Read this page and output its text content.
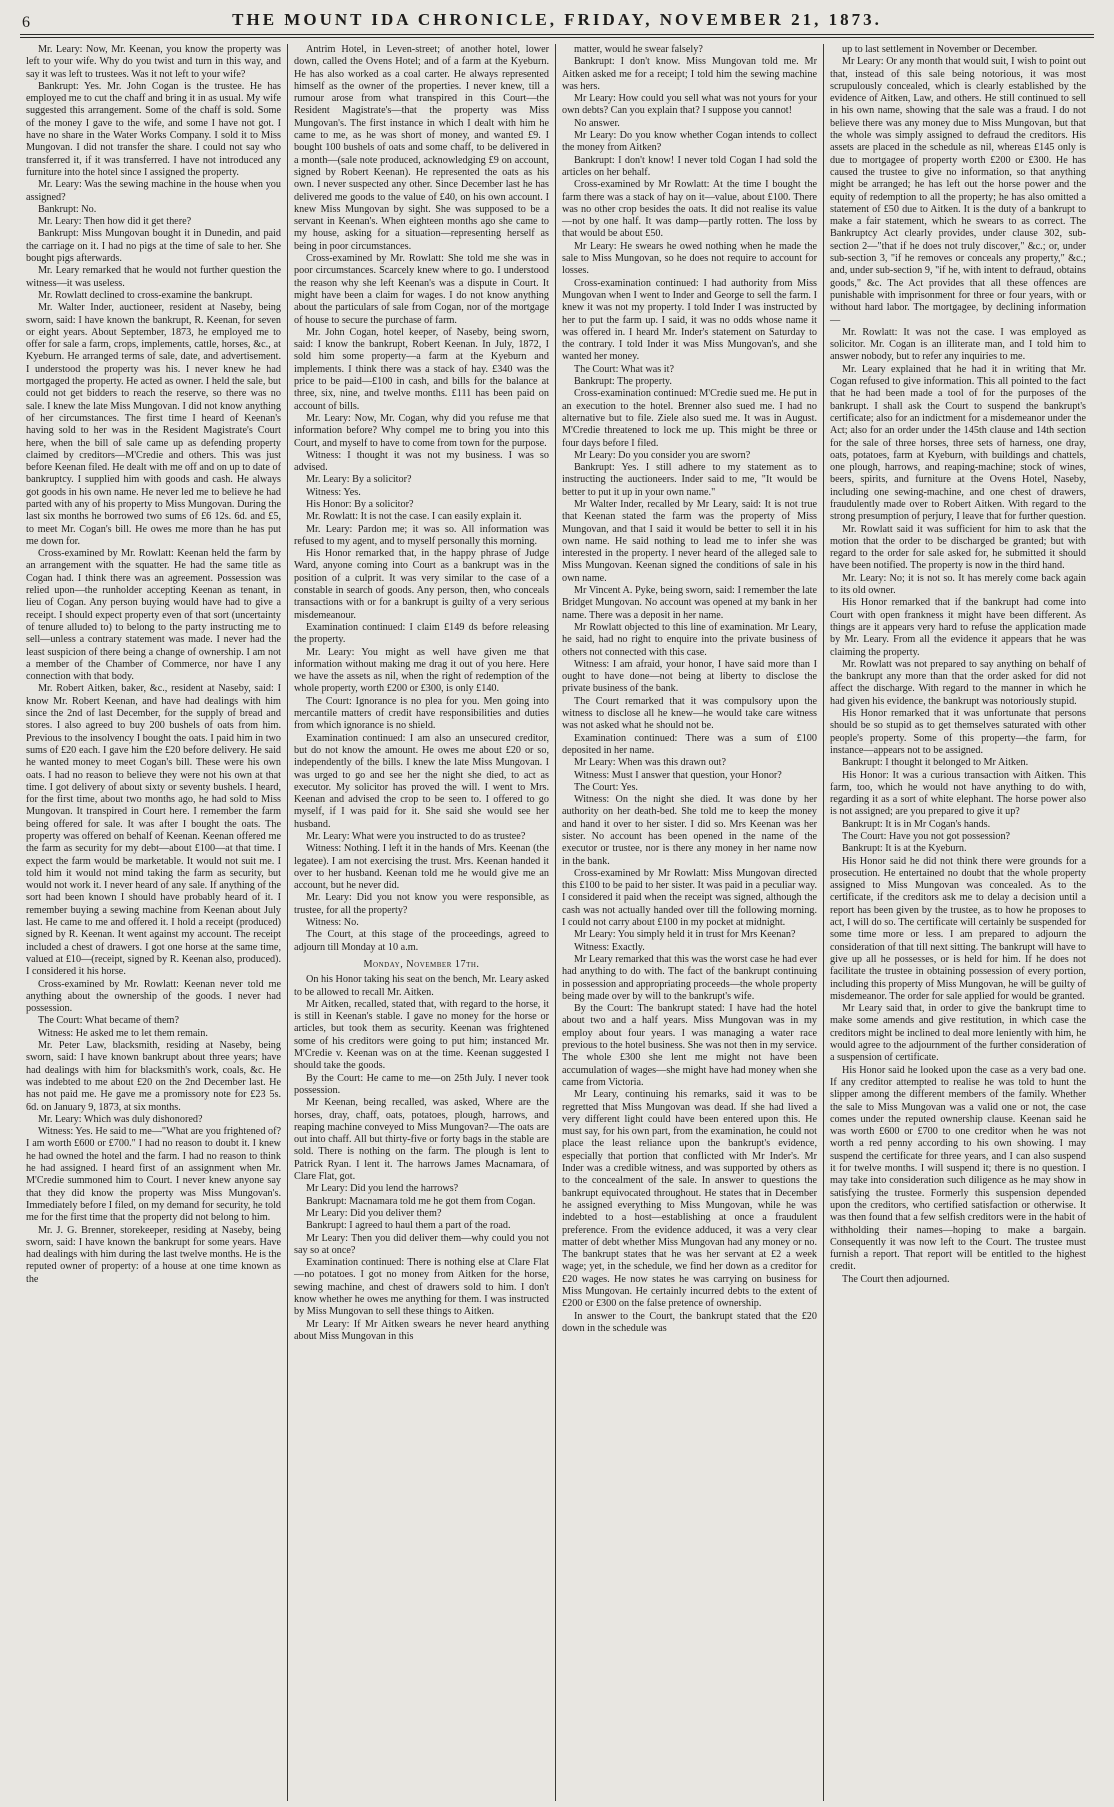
6	THE MOUNT IDA CHRONICLE, FRIDAY, NOVEMBER 21, 1873.

Mr. Leary: Now, Mr. Keenan, you know the property was left to your wife. Why do you twist and turn in this way, and say it was left to trustees. Was it not left to your wife?

Bankrupt: Yes. Mr. John Cogan is the trustee. He has employed me to cut the chaff and bring it in as usual. My wife suggested this arrangement. Some of the chaff is sold. Some of the money I gave to the wife, and some I have not got. I have no share in the Water Works Company. I sold it to Miss Mungovan. I did not transfer the share. I could not say who transferred it, if it was transferred. I have not introduced any furniture into the hotel since I assigned the property.

Mr. Leary: Was the sewing machine in the house when you assigned?

Bankrupt: No.

Mr. Leary: Then how did it get there?

Bankrupt: Miss Mungovan bought it in Dunedin, and paid the carriage on it. I had no pigs at the time of sale to her. She bought pigs afterwards.

Mr. Leary remarked that he would not further question the witness—it was useless.

Mr. Rowlatt declined to cross-examine the bankrupt.

Mr. Walter Inder, auctioneer, resident at Naseby, being sworn, said: I have known the bankrupt, R. Keenan, for seven or eight years. About September, 1873, he employed me to offer for sale a farm, crops, implements, cattle, horses, &c., at Kyeburn. He arranged terms of sale, date, and advertisement. I understood the property was his. I never knew he had mortgaged the property. He acted as owner. I held the sale, but could not get bidders to reach the reserve, so there was no sale. I knew the late Miss Mungovan. I did not know anything of her circumstances. The first time I heard of Keenan's having sold to her was in the Resident Magistrate's Court here, when the bill of sale came up as defending property claimed by creditors—M'Credie and others. This was just before Keenan filed. He dealt with me off and on up to date of bankruptcy. I supplied him with goods and cash. He always got goods in his own name. He never led me to believe he had parted with any of his property to Miss Mungovan. During the last six months he borrowed two sums of £6 12s. 6d. and £5, to meet Mr. Cogan's bill. He owes me more than he has put me down for.

Cross-examined by Mr. Rowlatt: Keenan held the farm by an arrangement with the squatter. He had the same title as Cogan had. I think there was an agreement. Possession was relied upon—the runholder accepting Keenan as tenant, in lieu of Cogan. Any person buying would have had to give a receipt. I should expect property even of that sort (uncertainty of tenure alluded to) to belong to the party instructing me to sell—unless a contrary statement was made. I never had the least suspicion of there being a change of ownership. I am not a member of the Chamber of Commerce, nor have I any connection with that body.

Mr. Robert Aitken, baker, &c., resident at Naseby, said: I know Mr. Robert Keenan, and have had dealings with him since the 2nd of last December, for the supply of bread and stores. I also agreed to buy 200 bushels of oats from him. Previous to the insolvency I bought the oats. I paid him in two sums of £20 each. I gave him the £20 before delivery. He said he wanted money to meet Cogan's bill. These were his own oats. I had no reason to believe they were not his own at that time. I got delivery of about sixty or seventy bushels. I heard, for the first time, about two months ago, he had sold to Miss Mungovan. It transpired in Court here. I remember the farm being offered for sale. It was after I bought the oats. The property was offered on behalf of Keenan. Keenan offered me the farm as security for my debt—about £100—at that time. I expect the farm would be marketable. It would not suit me. I told him it would not mind taking the farm as security, but would not work it. I never heard of any sale. If anything of the sort had been known I should have probably heard of it. I remember buying a sewing machine from Keenan about July last. He came to me and offered it. I hold a receipt (produced) signed by R. Keenan. It went against my account. The receipt included a chest of drawers. I got one horse at the same time, valued at £10—(receipt, signed by R. Keenan also, produced). I considered it his horse.

Cross-examined by Mr. Rowlatt: Keenan never told me anything about the ownership of the goods. I never had possession.

The Court: What became of them?

Witness: He asked me to let them remain.

Mr. Peter Law, blacksmith, residing at Naseby, being sworn, said: I have known bankrupt about three years; have had dealings with him for blacksmith's work, coals, &c. He was indebted to me about £20 on the 2nd December last. He has not paid me. He gave me a promissory note for £23 5s. 6d. on January 9, 1873, at six months.

Mr. Leary: Which was duly dishonored?

Witness: Yes. He said to me—"What are you frightened of? I am worth £600 or £700." I had no reason to doubt it. I knew he had owned the hotel and the farm. I had no reason to think he had assigned. I heard first of an assignment when Mr. M'Credie summoned him to Court. I never knew anyone say that they did know the property was Miss Mungovan's. Immediately before I filed, on my demand for security, he told me for the first time that the property did not belong to him.

Mr. J. G. Brenner, storekeeper, residing at Naseby, being sworn, said: I have known the bankrupt for some years. Have had dealings with him during the last twelve months. He is the reputed owner of property: of a house at one time known as the

Antrim Hotel, in Leven-street; of another hotel, lower down, called the Ovens Hotel; and of a farm at the Kyeburn. He has also worked as a coal carter. He always represented himself as the owner of the properties. I never knew, till a rumour arose from what transpired in this Court—the Resident Magistrate's—that the property was Miss Mungovan's. The first instance in which I dealt with him he came to me, as he was short of money, and wanted £9. I bought 100 bushels of oats and some chaff, to be delivered in a month—(sale note produced, acknowledging £9 on account, signed by Robert Keenan). He represented the oats as his own. I never suspected any other. Since December last he has delivered me goods to the value of £40, on his own account. I knew Miss Mungovan by sight. She was supposed to be a servant in Keenan's. When eighteen months ago she came to my house, asking for a situation—representing herself as being in poor circumstances.

Cross-examined by Mr. Rowlatt: She told me she was in poor circumstances. Scarcely knew where to go. I understood the reason why she left Keenan's was a dispute in Court. It might have been a claim for wages. I do not know anything about the particulars of sale from Cogan, nor of the mortgage of house to secure the purchase of farm.

Mr. John Cogan, hotel keeper, of Naseby, being sworn, said: I know the bankrupt, Robert Keenan. In July, 1872, I sold him some property—a farm at the Kyeburn and implements. I think there was a stack of hay. £340 was the price to be paid—£100 in cash, and bills for the balance at three, six, nine, and twelve months. £111 has been paid on account of bills.

Mr. Leary: Now, Mr. Cogan, why did you refuse me that information before? Why compel me to bring you into this Court, and myself to have to come from town for the purpose.

Witness: I thought it was not my business. I was so advised.

Mr. Leary: By a solicitor?

Witness: Yes.

His Honor: By a solicitor?

Mr. Rowlatt: It is not the case. I can easily explain it.

Mr. Leary: Pardon me; it was so. All information was refused to my agent, and to myself personally this morning.

His Honor remarked that, in the happy phrase of Judge Ward, anyone coming into Court as a bankrupt was in the position of a culprit. It was very similar to the case of a constable in search of goods. Any person, then, who conceals transactions with or for a bankrupt is guilty of a very serious misdemeanour.

Examination continued: I claim £149 ds before releasing the property.

Mr. Leary: You might as well have given me that information without making me drag it out of you here. Here we have the assets as nil, when the right of redemption of the whole property, worth £200 or £300, is only £140.

The Court: Ignorance is no plea for you. Men going into mercantile matters of credit have responsibilities and duties from which ignorance is no shield.

Examination continued: I am also an unsecured creditor, but do not know the amount. He owes me about £20 or so, independently of the bills. I knew the late Miss Mungovan. I was urged to go and see her the night she died, to act as executor. My solicitor has proved the will. I went to Mrs. Keenan and advised the crop to be seen to. I offered to go myself, if I was paid for it. She said she would see her husband.

Mr. Leary: What were you instructed to do as trustee?

Witness: Nothing. I left it in the hands of Mrs. Keenan (the legatee). I am not exercising the trust. Mrs. Keenan handed it over to her husband. Keenan told me he would give me an account, but he never did.

Mr. Leary: Did you not know you were responsible, as trustee, for all the property?

Witness: No.

The Court, at this stage of the proceedings, agreed to adjourn till Monday at 10 a.m.

Monday, November 17th.

On his Honor taking his seat on the bench, Mr. Leary asked to be allowed to recall Mr. Aitken.

Mr Aitken, recalled, stated that, with regard to the horse, it is still in Keenan's stable. I gave no money for the horse or articles, but took them as security. Keenan was frightened some of his creditors were going to put him; instanced Mr. M'Credie v. Keenan was on at the time. Keenan suggested I should take the goods.

By the Court: He came to me—on 25th July. I never took possession.

Mr Keenan, being recalled, was asked, Where are the horses, dray, chaff, oats, potatoes, plough, harrows, and reaping machine conveyed to Miss Mungovan?—The oats are out into chaff. All but thirty-five or forty bags in the stable are sold. There is nothing on the farm. The plough is lent to Patrick Ryan. I lent it. The harrows James Macnamara, of Clare Flat, got.

Mr Leary: Did you lend the harrows?

Bankrupt: Macnamara told me he got them from Cogan.

Mr Leary: Did you deliver them?

Bankrupt: I agreed to haul them a part of the road.

Mr Leary: Then you did deliver them—why could you not say so at once?

Examination continued: There is nothing else at Clare Flat—no potatoes. I got no money from Aitken for the horse, sewing machine, and chest of drawers sold to him. I don't know whether he owes me anything for them. I was instructed by Miss Mungovan to sell these things to Aitken.

Mr Leary: If Mr Aitken swears he never heard anything about Miss Mungovan in this

matter, would he swear falsely?

Bankrupt: I don't know. Miss Mungovan told me. Mr Aitken asked me for a receipt; I told him the sewing machine was hers.

Mr Leary: How could you sell what was not yours for your own debts? Can you explain that? I suppose you cannot!

No answer.

Mr Leary: Do you know whether Cogan intends to collect the money from Aitken?

Bankrupt: I don't know! I never told Cogan I had sold the articles on her behalf.

Cross-examined by Mr Rowlatt: At the time I bought the farm there was a stack of hay on it—value, about £100. There was no other crop besides the oats. It did not realise its value—not by one half. It was damp—partly rotten. The loss by that would be about £50.

Mr Leary: He swears he owed nothing when he made the sale to Miss Mungovan, so he does not require to account for losses.

Cross-examination continued: I had authority from Miss Mungovan when I went to Inder and George to sell the farm. I knew it was not my property. I told Inder I was instructed by her to put the farm up. I said, it was no odds whose name it was offered in. I heard Mr. Inder's statement on Saturday to the contrary. I told Inder it was Miss Mungovan's, and she wanted her money.

The Court: What was it?

Bankrupt: The property.

Cross-examination continued: M'Credie sued me. He put in an execution to the hotel. Brenner also sued me. I had no alternative but to file. Ziele also sued me. It was in August. M'Credie threatened to lock me up. This might be three or four days before I filed.

Mr Leary: Do you consider you are sworn?

Bankrupt: Yes. I still adhere to my statement as to instructing the auctioneers. Inder said to me, "It would be better to put it up in your own name."

Mr Walter Inder, recalled by Mr Leary, said: It is not true that Keenan stated the farm was the property of Miss Mungovan, and that I said it would be better to sell it in his own name. He said nothing to lead me to infer she was interested in the property. I never heard of the alleged sale to Miss Mungovan. Keenan signed the conditions of sale in his own name.

Mr Vincent A. Pyke, being sworn, said: I remember the late Bridget Mungovan. No account was opened at my bank in her name. There was a deposit in her name.

Mr Rowlatt objected to this line of examination. Mr Leary, he said, had no right to enquire into the private business of others not connected with this case.

Witness: I am afraid, your honor, I have said more than I ought to have done—not being at liberty to disclose the private business of the bank.

The Court remarked that it was compulsory upon the witness to disclose all he knew—he would take care witness was not asked what he should not be.

Examination continued: There was a sum of £100 deposited in her name.

Mr Leary: When was this drawn out?

Witness: Must I answer that question, your Honor?

The Court: Yes.

Witness: On the night she died. It was done by her authority on her death-bed. She told me to keep the money and hand it over to her sister. I did so. Mrs Keenan was her sister. No account has been opened in the name of the executor or trustee, nor is there any money in her name now in the bank.

Cross-examined by Mr Rowlatt: Miss Mungovan directed this £100 to be paid to her sister. It was paid in a peculiar way. I considered it paid when the receipt was signed, although the cash was not actually handed over till the following morning. I could not carry about £100 in my pocket at midnight.

Mr Leary: You simply held it in trust for Mrs Keenan?

Witness: Exactly.

Mr Leary remarked that this was the worst case he had ever had anything to do with. The fact of the bankrupt continuing in possession and appropriating proceeds—the whole property being made over by will to the bankrupt's wife.

By the Court: The bankrupt stated: I have had the hotel about two and a half years. Miss Mungovan was in my employ about four years. I was managing a water race previous to the hotel business. She was not then in my service. The whole £300 she lent me might not have been accumulation of wages—she might have had money when she came from Victoria.

Mr Leary, continuing his remarks, said it was to be regretted that Miss Mungovan was dead. If she had lived a very different light could have been entered upon this. He must say, for his own part, from the examination, he could not place the least reliance upon the bankrupt's evidence, especially that portion that conflicted with Mr Inder's. Mr Inder was a credible witness, and was supported by others as to the concealment of the sale. In answer to questions the bankrupt equivocated throughout. He states that in December he assigned everything to Miss Mungovan, while he was indebted to a host—establishing at once a fraudulent preference. From the evidence adduced, it was a very clear matter of debt whether Miss Mungovan had any money or no. The bankrupt states that he was her servant at £2 a week wage; yet, in the schedule, we find her down as a creditor for £20 wages. He now states he was carrying on business for Miss Mungovan. He certainly incurred debts to the extent of £200 or £300 on the false pretence of ownership.

In answer to the Court, the bankrupt stated that the £20 down in the schedule was

up to last settlement in November or December.

Mr Leary: Or any month that would suit, I wish to point out that, instead of this sale being notorious, it was most scrupulously concealed, which is clearly established by the evidence of Aitken, Law, and others. He still continued to sell in his own name, showing that the sale was a fraud. I do not believe there was any money due to Miss Mungovan, but that the whole was simply assigned to defraud the creditors. His assets are placed in the schedule as nil, whereas £145 only is due to mortgagee of property worth £200 or £300. He has caused the trustee to give no information, so that anything might be arranged; he has left out the horse power and the equity of redemption to all the property; he has also omitted a statement of £50 due to Aitken. It is the duty of a bankrupt to make a fair statement, which he swears to as correct. The Bankruptcy Act clearly provides, under clause 302, sub-section 2—"that if he does not truly discover," &c.; or, under sub-section 3, "if he removes or conceals any property," &c.; and, under sub-section 9, "if he, with intent to defraud, obtains goods," &c. The Act provides that all these offences are punishable with imprisonment for three or four years, with or without hard labor. The mortgagee, by declining information—

Mr. Rowlatt: It was not the case. I was employed as solicitor. Mr. Cogan is an illiterate man, and I told him to answer nobody, but to refer any inquiries to me.

Mr. Leary explained that he had it in writing that Mr. Cogan refused to give information. This all pointed to the fact that he had been made a tool of for the purposes of the bankrupt. I shall ask the Court to suspend the bankrupt's certificate; also for an indictment for a misdemeanor under the Act; also for an order under the 145th clause and 14th section for the sale of three horses, three sets of harness, one dray, oats, potatoes, farm at Kyeburn, with buildings and chattels, one plough, harrows, and reaping-machine; stock of wines, beers, spirits, and furniture at the Ovens Hotel, Naseby, including one sewing-machine, and one chest of drawers, fraudulently made over to Robert Aitken. With regard to the strong presumption of perjury, I leave that for further question.

Mr. Rowlatt said it was sufficient for him to ask that the motion that the order to be discharged be granted; but with regard to the order for sale asked for, he submitted it should have been notified. The property is now in the third hand.

Mr. Leary: No; it is not so. It has merely come back again to its old owner.

His Honor remarked that if the bankrupt had come into Court with open frankness it might have been different. As things are it appears very hard to refuse the application made by Mr. Leary. From all the evidence it appears that he was claiming the property.

Mr. Rowlatt was not prepared to say anything on behalf of the bankrupt any more than that the order asked for did not affect the discharge. With regard to the manner in which he had given his evidence, the bankrupt was notoriously stupid.

His Honor remarked that it was unfortunate that persons should be so stupid as to get themselves saturated with other people's property. Some of this property—the farm, for instance—appears not to be assigned.

Bankrupt: I thought it belonged to Mr Aitken.

His Honor: It was a curious transaction with Aitken. This farm, too, which he would not have anything to do with, regarding it as a sort of white elephant. The horse power also is not assigned; are you prepared to give it up?

Bankrupt: It is in Mr Cogan's hands.

The Court: Have you not got possession?

Bankrupt: It is at the Kyeburn.

His Honor said he did not think there were grounds for a prosecution. He entertained no doubt that the whole property assigned to Miss Mungovan was concealed. As to the certificate, if the creditors ask me to delay a decision until a report has been given by the trustee, as to how he proposes to act, I will do so. The certificate will certainly be suspended for some time more or less. I am prepared to adjourn the consideration of that till next sitting. The bankrupt will have to give up all he possesses, or is held for him. If he does not facilitate the trustee in obtaining possession of every portion, including this property of Miss Mungovan, he will be guilty of misdemeanor. The order for sale applied for would be granted.

Mr Leary said that, in order to give the bankrupt time to make some amends and give restitution, in which case the creditors might be inclined to deal more leniently with him, he would agree to the adjournment of the further consideration of a suspension of certificate.

His Honor said he looked upon the case as a very bad one. If any creditor attempted to realise he was told to hunt the slipper among the different members of the family. Whether the sale to Miss Mungovan was a valid one or not, the case comes under the reputed ownership clause. Keenan said he was worth £600 or £700 to one creditor when he was not worth a red penny according to his own showing. I may suspend the certificate for three years, and I can also suspend it for twelve months. I will suspend it; there is no question. I may take into consideration such diligence as he may show in satisfying the trustee. Formerly this suspension depended upon the creditors, who certified satisfaction or otherwise. It was then found that a few selfish creditors were in the habit of withholding their names—hoping to make a bargain. Consequently it was now left to the Court. The trustee must furnish a report. That report will be entitled to the highest credit.

The Court then adjourned.
